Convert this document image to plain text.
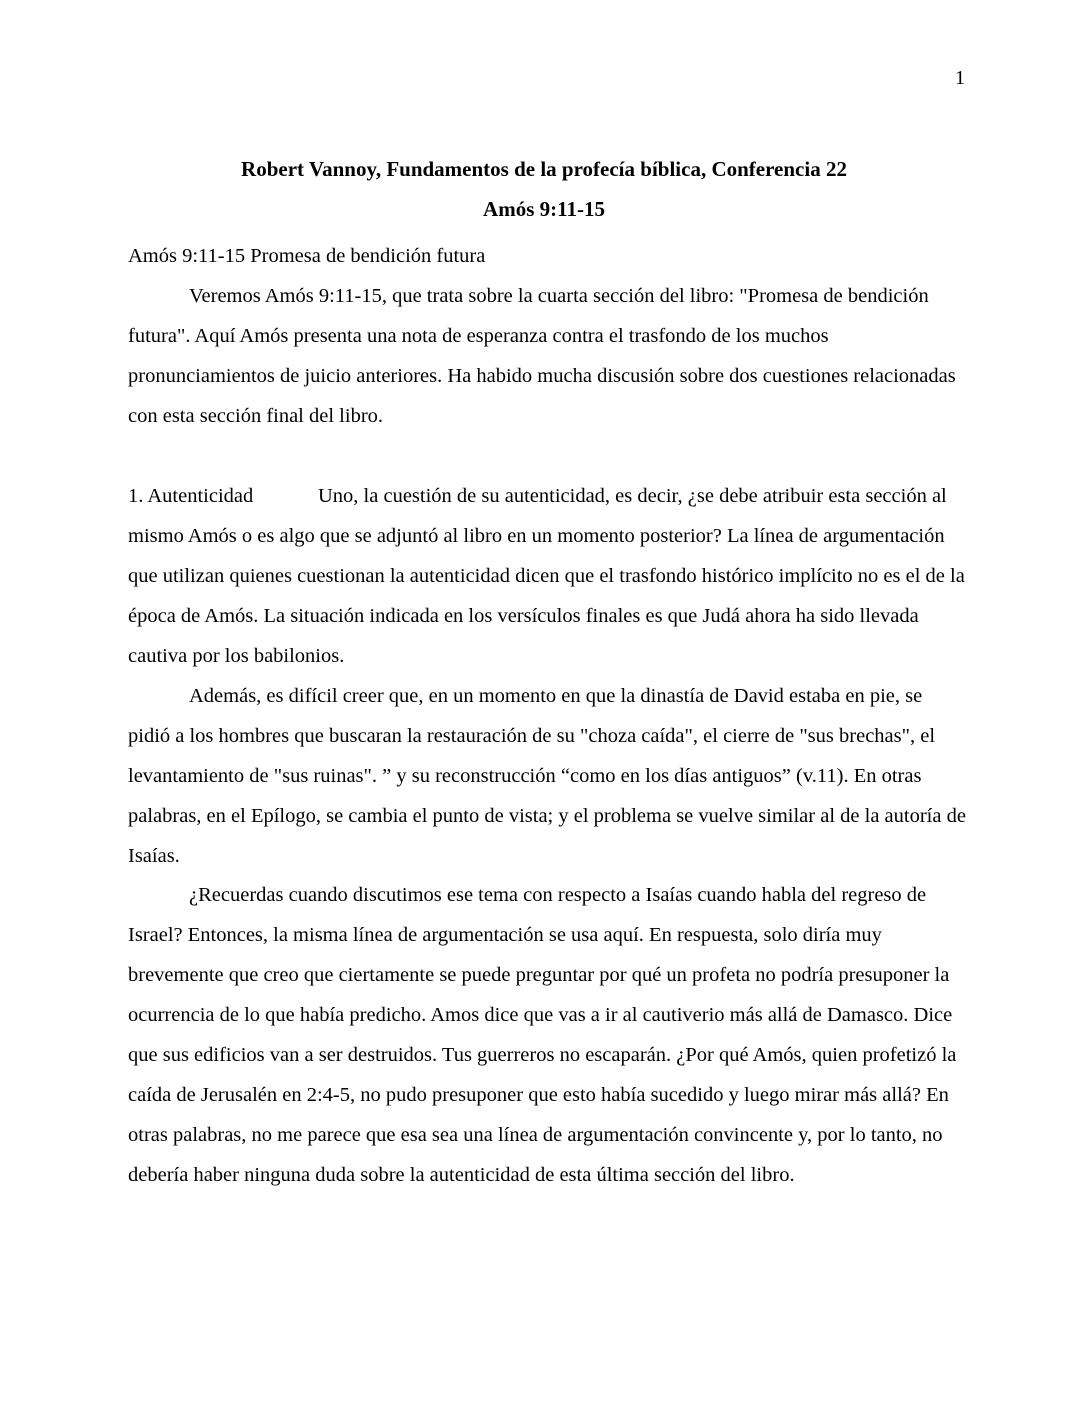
1
Robert Vannoy, Fundamentos de la profecía bíblica, Conferencia 22
Amós 9:11-15

Amós 9:11-15 Promesa de bendición futura

Veremos Amós 9:11-15, que trata sobre la cuarta sección del libro: "Promesa de bendición futura". Aquí Amós presenta una nota de esperanza contra el trasfondo de los muchos pronunciamientos de juicio anteriores. Ha habido mucha discusión sobre dos cuestiones relacionadas con esta sección final del libro.

1. Autenticidad	Uno, la cuestión de su autenticidad, es decir, ¿se debe atribuir esta sección al mismo Amós o es algo que se adjuntó al libro en un momento posterior? La línea de argumentación que utilizan quienes cuestionan la autenticidad dicen que el trasfondo histórico implícito no es el de la época de Amós. La situación indicada en los versículos finales es que Judá ahora ha sido llevada cautiva por los babilonios.

Además, es difícil creer que, en un momento en que la dinastía de David estaba en pie, se pidió a los hombres que buscaran la restauración de su "choza caída", el cierre de "sus brechas", el levantamiento de "sus ruinas". ” y su reconstrucción “como en los días antiguos” (v.11). En otras palabras, en el Epílogo, se cambia el punto de vista; y el problema se vuelve similar al de la autoría de Isaías.

¿Recuerdas cuando discutimos ese tema con respecto a Isaías cuando habla del regreso de Israel? Entonces, la misma línea de argumentación se usa aquí. En respuesta, solo diría muy brevemente que creo que ciertamente se puede preguntar por qué un profeta no podría presuponer la ocurrencia de lo que había predicho. Amos dice que vas a ir al cautiverio más allá de Damasco. Dice que sus edificios van a ser destruidos. Tus guerreros no escaparán. ¿Por qué Amós, quien profetizó la caída de Jerusalén en 2:4-5, no pudo presuponer que esto había sucedido y luego mirar más allá? En otras palabras, no me parece que esa sea una línea de argumentación convincente y, por lo tanto, no debería haber ninguna duda sobre la autenticidad de esta última sección del libro.
